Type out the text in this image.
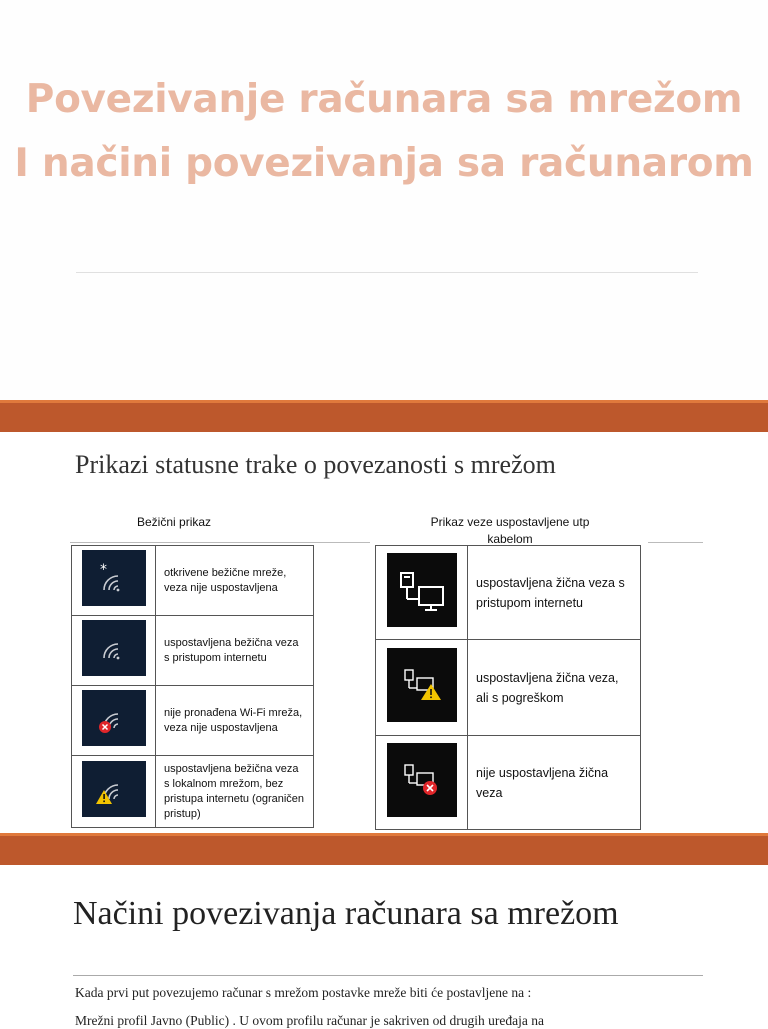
Povezivanje računara sa mrežom
I načini povezivanja sa računarom
Prikazi statusne trake o povezanosti s mrežom
Bežični prikaz	Prikaz veze uspostavljene utp kabelom
*	otkrivene bežične mreže, veza nije uspostavljena

	uspostavljena bežična veza s pristupom internetu

	nije pronađena Wi-Fi mreža, veza nije uspostavljena

	uspostavljena bežična veza s lokalnom mrežom, bez pristupa internetu (ograničen pristup)
	uspostavljena žična veza s pristupom internetu

	uspostavljena žična veza, ali s pogreškom

	nije uspostavljena žična veza
Načini povezivanja računara sa mrežom
Kada prvi put povezujemo računar s mrežom postavke mreže biti će postavljene na :
Mrežni profil Javno (Public) . U ovom profilu računar je sakriven od drugih uređaja na
